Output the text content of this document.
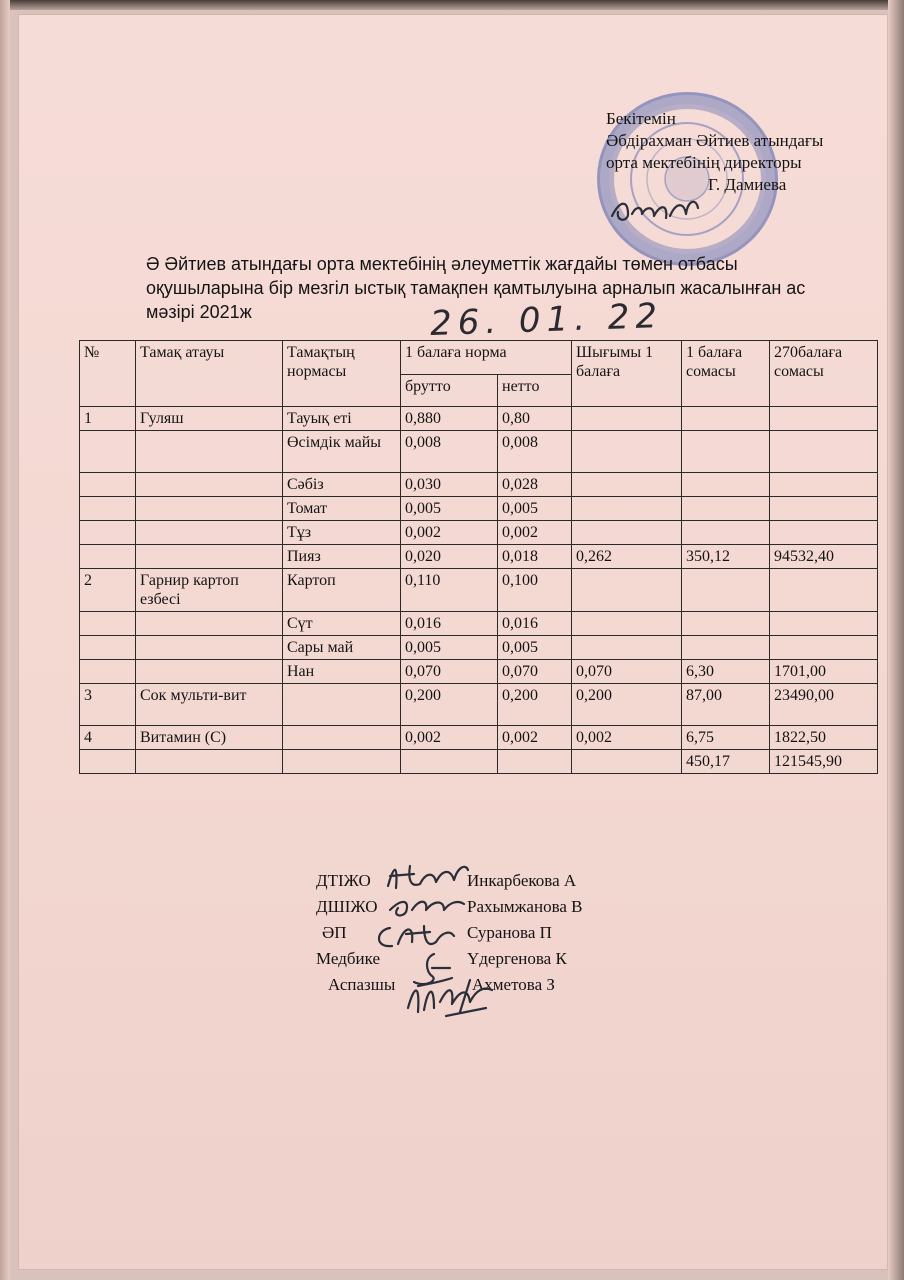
Бекітемін
Әбдірахман Әйтиев атындағы
орта мектебінің директоры
Г. Дамиева
Ә Әйтиев атындағы орта мектебінің әлеуметтік жағдайы төмен отбасы
оқушыларына бір мезгіл ыстық тамақпен қамтылуына арналып жасалынған ас
мәзірі 2021ж	26. 01. 22
№	Тамақ атауы	Тамақтың нормасы	1 балаға норма		Шығымы 1 балаға	1 балаға сомасы	270балаға сомасы
			брутто	нетто			
1	Гуляш	Тауық еті	0,880	0,80			
		Өсімдік майы	0,008	0,008			
		Сәбіз	0,030	0,028			
		Томат	0,005	0,005			
		Тұз	0,002	0,002			
		Пияз	0,020	0,018	0,262	350,12	94532,40
2	Гарнир картоп езбесі	Картоп	0,110	0,100			
		Сүт	0,016	0,016			
		Сары май	0,005	0,005			
		Нан	0,070	0,070	0,070	6,30	1701,00
3	Сок мульти-вит		0,200	0,200	0,200	87,00	23490,00
4	Витамин (С)		0,002	0,002	0,002	6,75	1822,50
						450,17	121545,90
ДТІЖО	Инкарбекова А
ДШІЖО	Рахымжанова В
ӘП	Суранова П
Медбике	Үдергенова К
Аспазшы	Ахметова З
